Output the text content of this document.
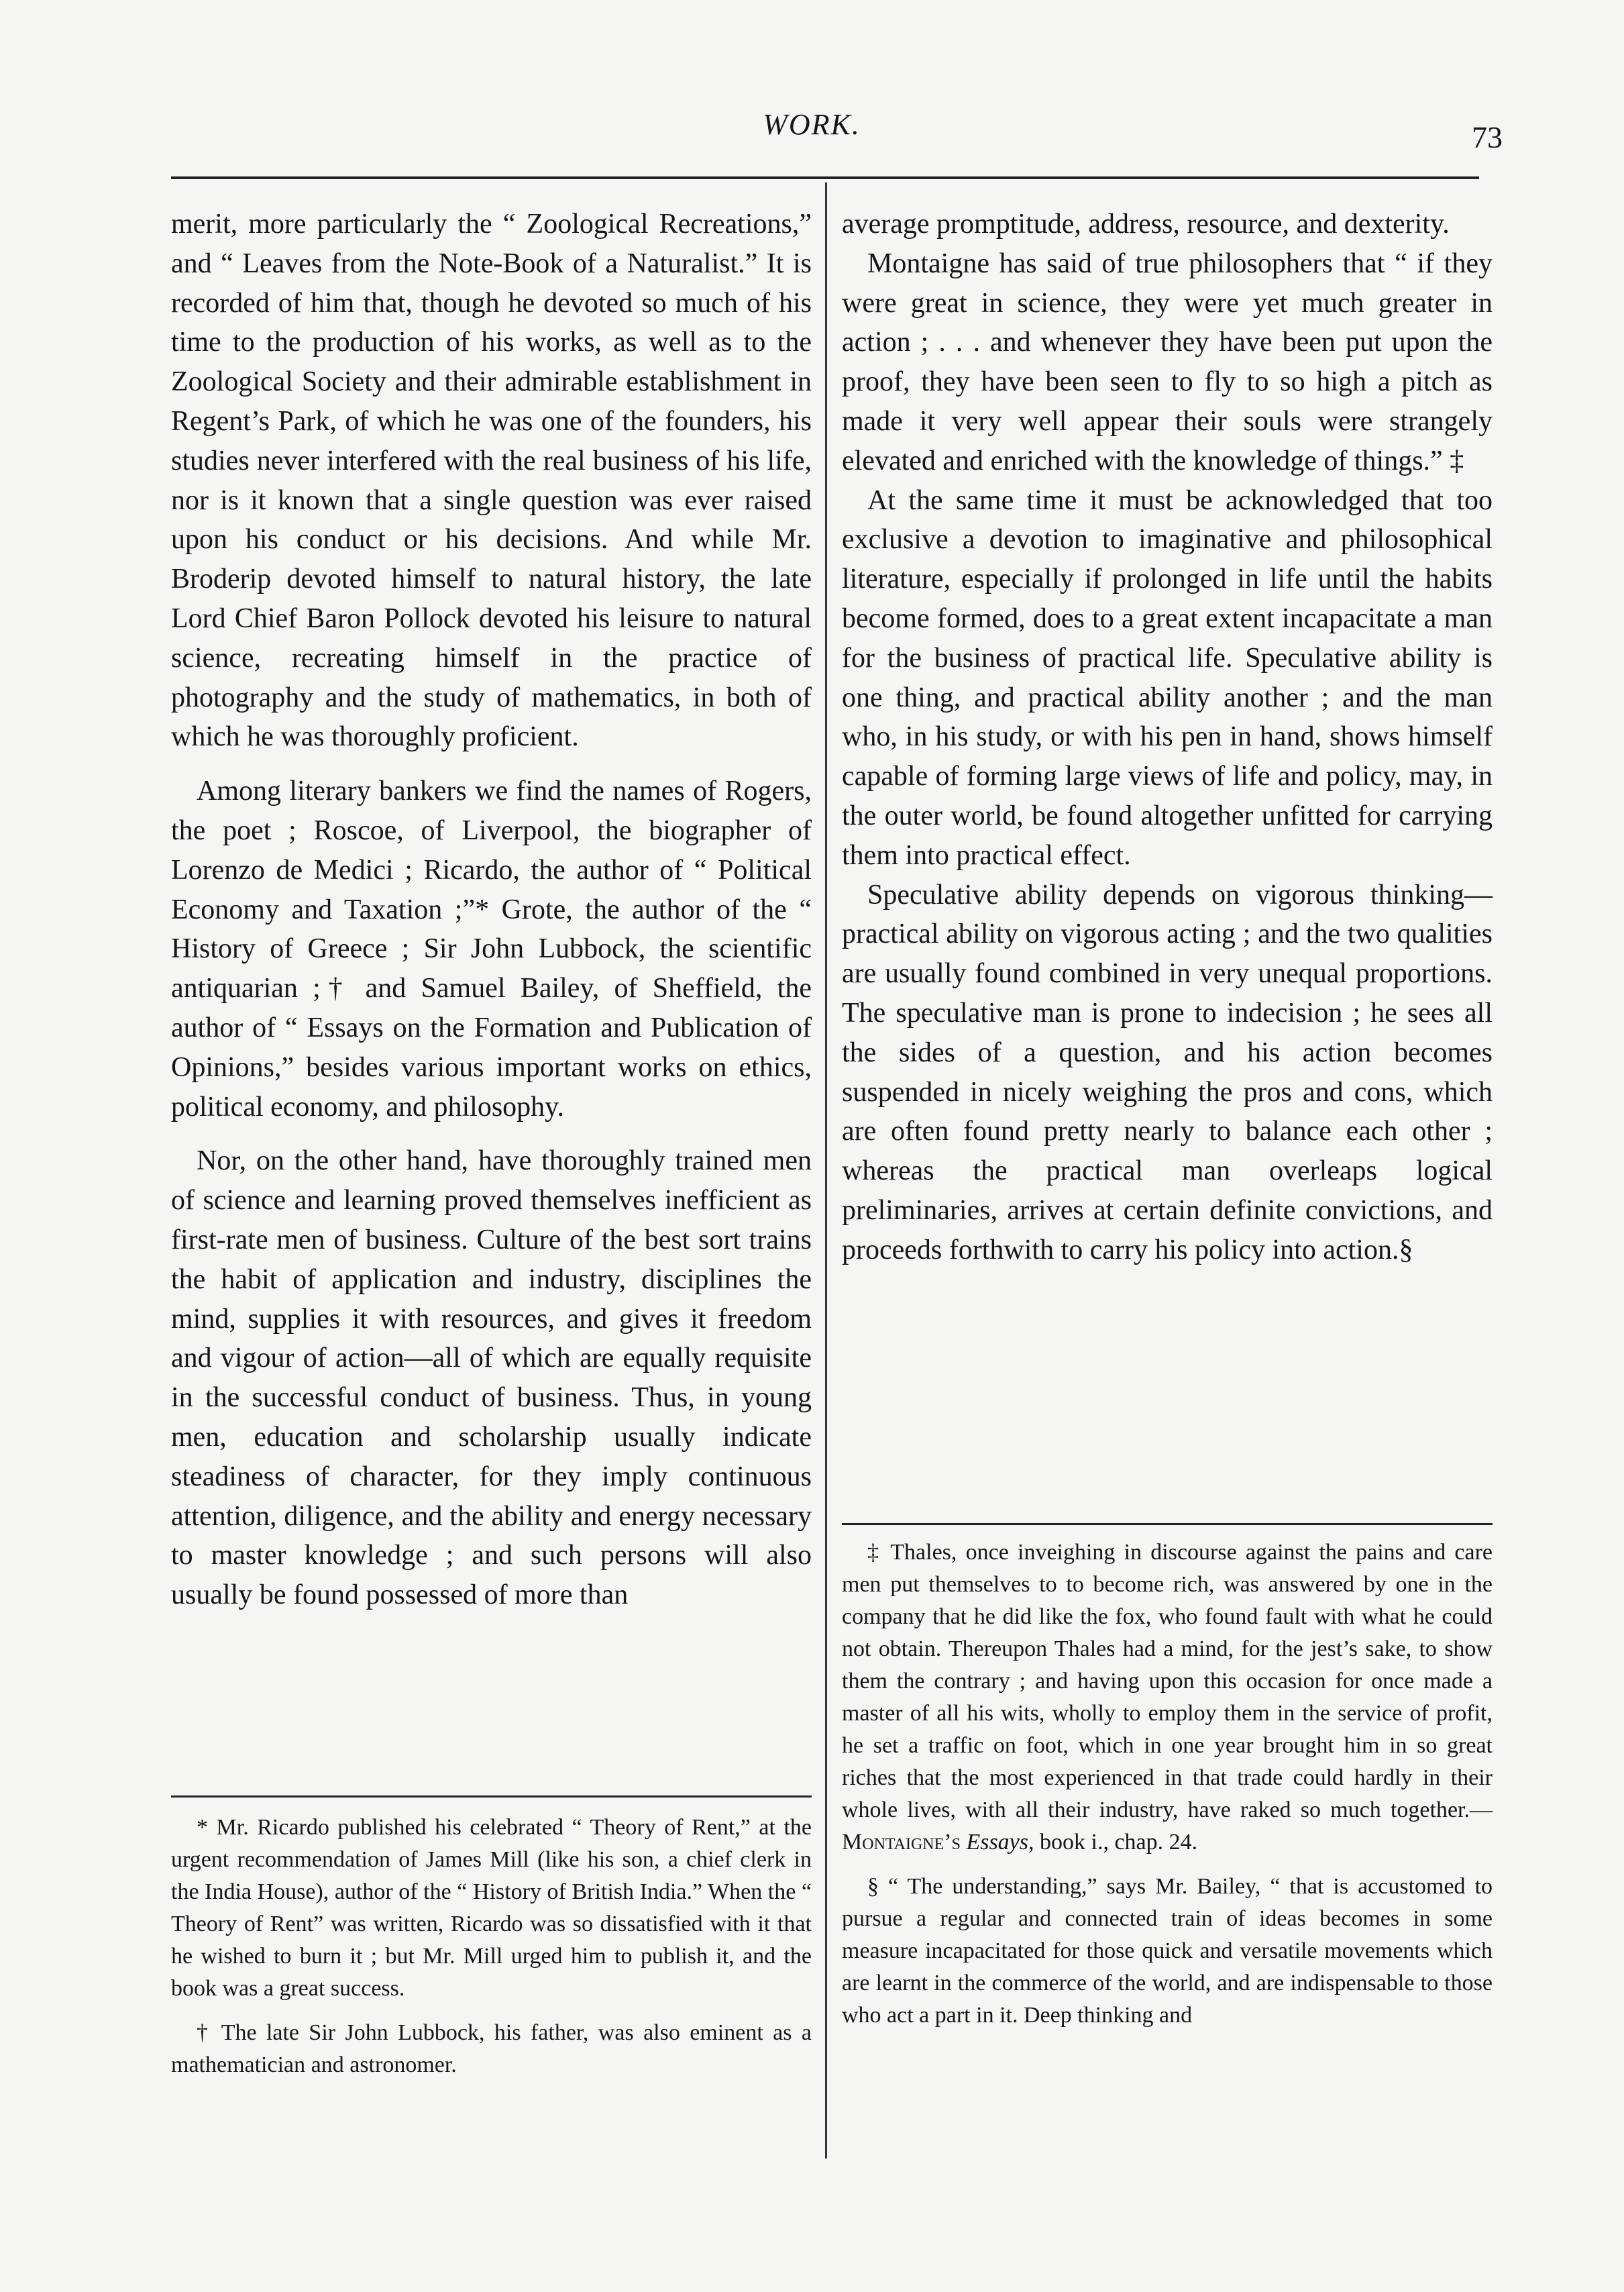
WORK.	73

merit, more particularly the “ Zoological Recreations,” and “ Leaves from the Note-Book of a Naturalist.” It is recorded of him that, though he devoted so much of his time to the production of his works, as well as to the Zoological Society and their admirable establishment in Regent’s Park, of which he was one of the founders, his studies never interfered with the real business of his life, nor is it known that a single question was ever raised upon his conduct or his decisions. And while Mr. Broderip devoted himself to natural history, the late Lord Chief Baron Pollock devoted his leisure to natural science, recreating himself in the practice of photography and the study of mathematics, in both of which he was thoroughly proficient.

Among literary bankers we find the names of Rogers, the poet ; Roscoe, of Liverpool, the biographer of Lorenzo de Medici ; Ricardo, the author of “ Political Economy and Taxation ;”* Grote, the author of the “ History of Greece ; Sir John Lubbock, the scientific antiquarian ;† and Samuel Bailey, of Sheffield, the author of “ Essays on the Formation and Publication of Opinions,” besides various important works on ethics, political economy, and philosophy.

Nor, on the other hand, have thoroughly trained men of science and learning proved themselves inefficient as first-rate men of business. Culture of the best sort trains the habit of application and industry, disciplines the mind, supplies it with resources, and gives it freedom and vigour of action—all of which are equally requisite in the successful conduct of business. Thus, in young men, education and scholarship usually indicate steadiness of character, for they imply continuous attention, diligence, and the ability and energy necessary to master knowledge ; and such persons will also usually be found possessed of more than

average promptitude, address, resource, and dexterity.

Montaigne has said of true philosophers that “ if they were great in science, they were yet much greater in action ; . . . and whenever they have been put upon the proof, they have been seen to fly to so high a pitch as made it very well appear their souls were strangely elevated and enriched with the knowledge of things.” ‡

At the same time it must be acknowledged that too exclusive a devotion to imaginative and philosophical literature, especially if prolonged in life until the habits become formed, does to a great extent incapacitate a man for the business of practical life. Speculative ability is one thing, and practical ability another ; and the man who, in his study, or with his pen in hand, shows himself capable of forming large views of life and policy, may, in the outer world, be found altogether unfitted for carrying them into practical effect.

Speculative ability depends on vigorous thinking—practical ability on vigorous acting ; and the two qualities are usually found combined in very unequal proportions. The speculative man is prone to indecision ; he sees all the sides of a question, and his action becomes suspended in nicely weighing the pros and cons, which are often found pretty nearly to balance each other ; whereas the practical man overleaps logical preliminaries, arrives at certain definite convictions, and proceeds forthwith to carry his policy into action.§

* Mr. Ricardo published his celebrated “ Theory of Rent,” at the urgent recommendation of James Mill (like his son, a chief clerk in the India House), author of the “ History of British India.” When the “ Theory of Rent” was written, Ricardo was so dissatisfied with it that he wished to burn it ; but Mr. Mill urged him to publish it, and the book was a great success.

† The late Sir John Lubbock, his father, was also eminent as a mathematician and astronomer.

‡ Thales, once inveighing in discourse against the pains and care men put themselves to to become rich, was answered by one in the company that he did like the fox, who found fault with what he could not obtain. Thereupon Thales had a mind, for the jest’s sake, to show them the contrary ; and having upon this occasion for once made a master of all his wits, wholly to employ them in the service of profit, he set a traffic on foot, which in one year brought him in so great riches that the most experienced in that trade could hardly in their whole lives, with all their industry, have raked so much together.—Montaigne’s Essays, book i., chap. 24.

§ “ The understanding,” says Mr. Bailey, “ that is accustomed to pursue a regular and connected train of ideas becomes in some measure incapacitated for those quick and versatile movements which are learnt in the commerce of the world, and are indispensable to those who act a part in it. Deep thinking and
